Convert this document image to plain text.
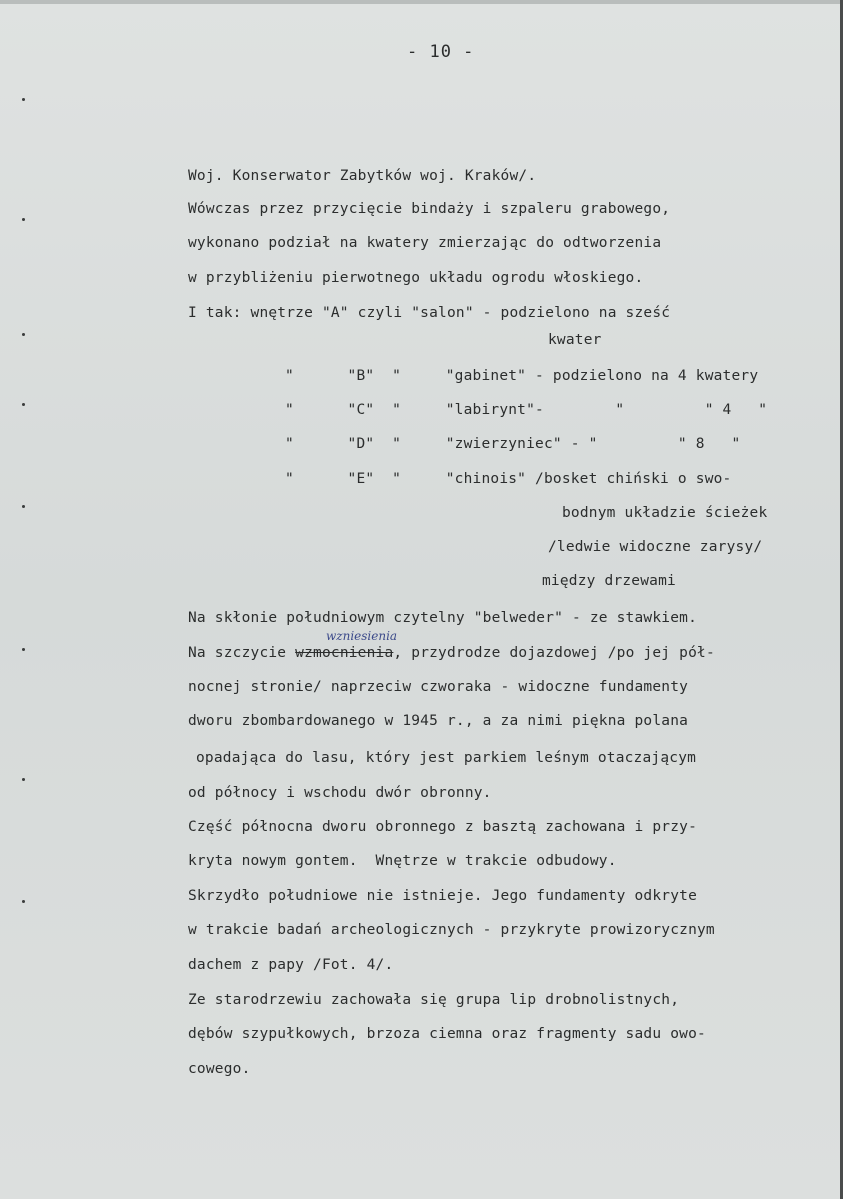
- 10 -
Woj. Konserwator Zabytków woj. Kraków/.
Wówczas przez przycięcie bindaży i szpaleru grabowego,
wykonano podział na kwatery zmierzając do odtworzenia
w przybliżeniu pierwotnego układu ogrodu włoskiego.
I tak: wnętrze "A" czyli "salon" - podzielono na sześć
kwater
"      "B"  "     "gabinet" - podzielono na 4 kwatery
"      "C"  "     "labirynt"-        "         " 4   "
"      "D"  "     "zwierzyniec" - "         " 8   "
"      "E"  "     "chinois" /bosket chiński o swo-
bodnym układzie ścieżek
/ledwie widoczne zarysy/
między drzewami
Na skłonie południowym czytelny "belweder" - ze stawkiem.
wzniesienia
Na szczycie wzmocnienia, przydrodze dojazdowej /po jej pół-
nocnej stronie/ naprzeciw czworaka - widoczne fundamenty
dworu zbombardowanego w 1945 r., a za nimi piękna polana
opadająca do lasu, który jest parkiem leśnym otaczającym
od północy i wschodu dwór obronny.
Część północna dworu obronnego z basztą zachowana i przy-
kryta nowym gontem.  Wnętrze w trakcie odbudowy.
Skrzydło południowe nie istnieje. Jego fundamenty odkryte
w trakcie badań archeologicznych - przykryte prowizorycznym
dachem z papy /Fot. 4/.
Ze starodrzewiu zachowała się grupa lip drobnolistnych,
dębów szypułkowych, brzoza ciemna oraz fragmenty sadu owo-
cowego.
